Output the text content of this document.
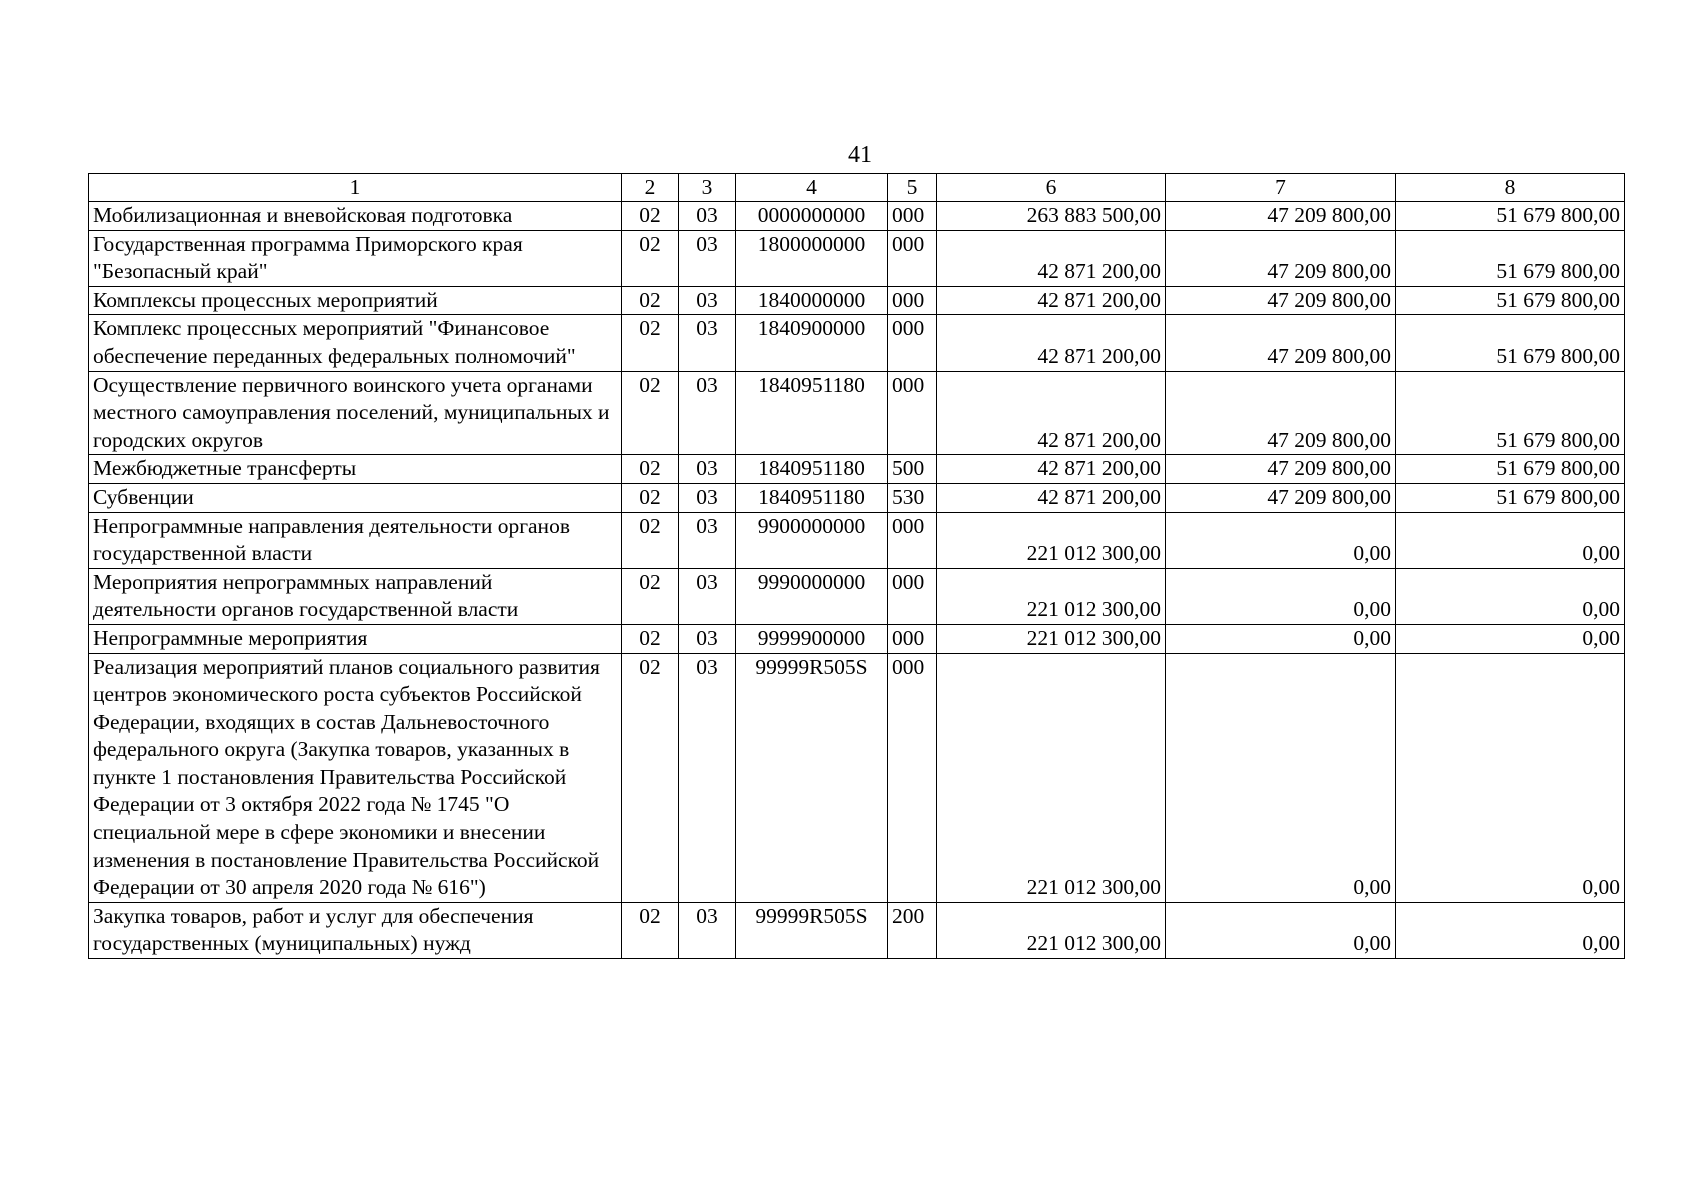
41
1	2	3	4	5	6	7	8
Мобилизационная и вневойсковая подготовка	02	03	0000000000	000	263 883 500,00	47 209 800,00	51 679 800,00
Государственная программа Приморского края "Безопасный край"	02	03	1800000000	000	42 871 200,00	47 209 800,00	51 679 800,00
Комплексы процессных мероприятий	02	03	1840000000	000	42 871 200,00	47 209 800,00	51 679 800,00
Комплекс процессных мероприятий "Финансовое обеспечение переданных федеральных полномочий"	02	03	1840900000	000	42 871 200,00	47 209 800,00	51 679 800,00
Осуществление первичного воинского учета органами местного самоуправления поселений, муниципальных и городских округов	02	03	1840951180	000	42 871 200,00	47 209 800,00	51 679 800,00
Межбюджетные трансферты	02	03	1840951180	500	42 871 200,00	47 209 800,00	51 679 800,00
Субвенции	02	03	1840951180	530	42 871 200,00	47 209 800,00	51 679 800,00
Непрограммные направления деятельности органов государственной власти	02	03	9900000000	000	221 012 300,00	0,00	0,00
Мероприятия непрограммных направлений деятельности органов государственной власти	02	03	9990000000	000	221 012 300,00	0,00	0,00
Непрограммные мероприятия	02	03	9999900000	000	221 012 300,00	0,00	0,00
Реализация мероприятий планов социального развития центров экономического роста субъектов Российской Федерации, входящих в состав Дальневосточного федерального округа (Закупка товаров, указанных в пункте 1 постановления Правительства Российской Федерации от 3 октября 2022 года № 1745 "О специальной мере в сфере экономики и внесении изменения в постановление Правительства Российской Федерации от 30 апреля 2020 года № 616")	02	03	99999R505S	000	221 012 300,00	0,00	0,00
Закупка товаров, работ и услуг для обеспечения государственных (муниципальных) нужд	02	03	99999R505S	200	221 012 300,00	0,00	0,00
